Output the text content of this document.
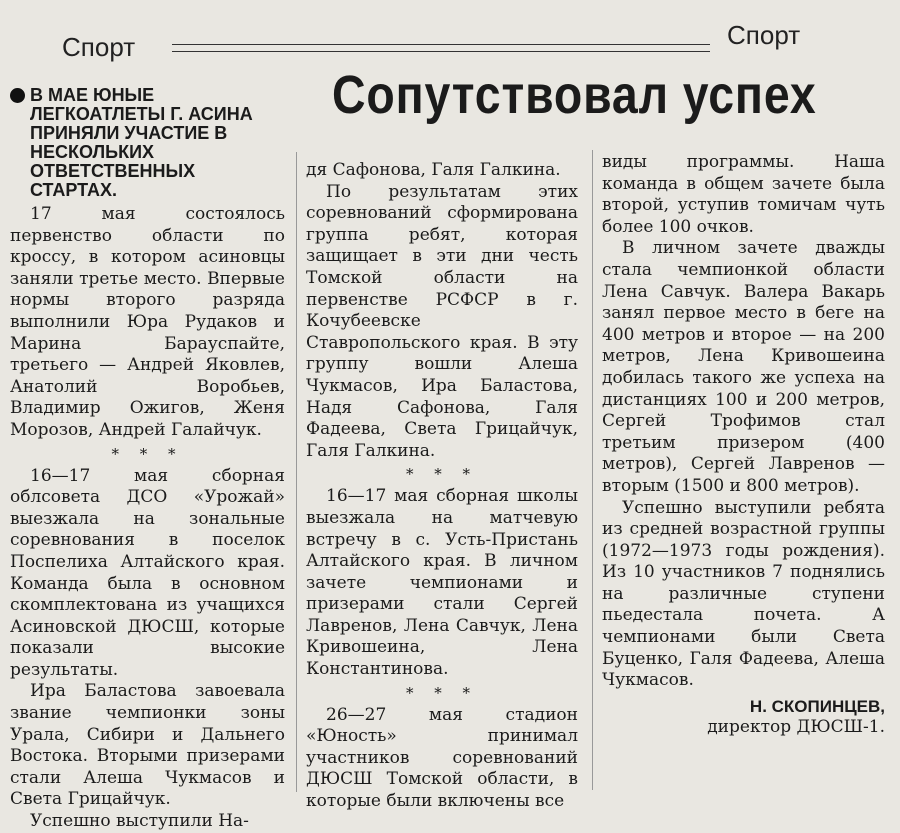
Спорт	Спорт
Сопутствовал успех
В МАЕ ЮНЫЕ ЛЕГКОАТЛЕТЫ Г. АСИНА ПРИНЯЛИ УЧАСТИЕ В НЕСКОЛЬКИХ ОТВЕТСТВЕННЫХ СТАРТАХ.

17 мая состоялось первенство области по кроссу, в котором асиновцы заняли третье место. Впервые нормы второго разряда выполнили Юра Рудаков и Марина Барауспайте, третьего — Андрей Яковлев, Анатолий Воробьев, Владимир Ожигов, Женя Морозов, Андрей Галайчук.

* * *

16—17 мая сборная облсовета ДСО «Урожай» выезжала на зональные соревнования в поселок Поспелиха Алтайского края. Команда была в основном скомплектована из учащихся Асиновской ДЮСШ, которые показали высокие результаты.

Ира Баластова завоевала звание чемпионки зоны Урала, Сибири и Дальнего Востока. Вторыми призерами стали Алеша Чукмасов и Света Грицайчук.

Успешно выступили На-

дя Сафонова, Галя Галкина.

По результатам этих соревнований сформирована группа ребят, которая защищает в эти дни честь Томской области на первенстве РСФСР в г. Кочубеевске Ставропольского края. В эту группу вошли Алеша Чукмасов, Ира Баластова, Надя Сафонова, Галя Фадеева, Света Грицайчук, Галя Галкина.

* * *

16—17 мая сборная школы выезжала на матчевую встречу в с. Усть-Пристань Алтайского края. В личном зачете чемпионами и призерами стали Сергей Лавренов, Лена Савчук, Лена Кривошеина, Лена Константинова.

* * *

26—27 мая стадион «Юность» принимал участников соревнований ДЮСШ Томской области, в которые были включены все

виды программы. Наша команда в общем зачете была второй, уступив томичам чуть более 100 очков.

В личном зачете дважды стала чемпионкой области Лена Савчук. Валера Вакарь занял первое место в беге на 400 метров и второе — на 200 метров, Лена Кривошеина добилась такого же успеха на дистанциях 100 и 200 метров, Сергей Трофимов стал третьим призером (400 метров), Сергей Лавренов — вторым (1500 и 800 метров).

Успешно выступили ребята из средней возрастной группы (1972—1973 годы рождения). Из 10 участников 7 поднялись на различные ступени пьедестала почета. А чемпионами были Света Буценко, Галя Фадеева, Алеша Чукмасов.

Н. СКОПИНЦЕВ,
директор ДЮСШ-1.
